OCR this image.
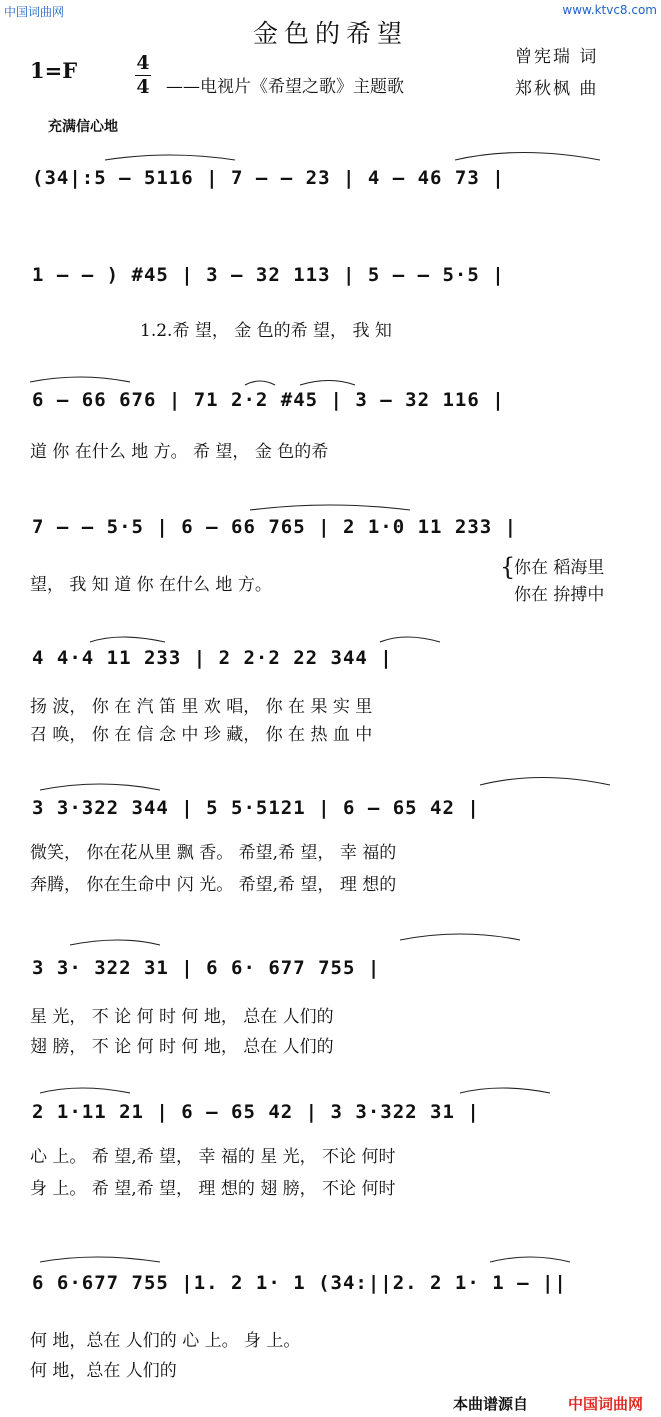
中国词曲网	www.ktvc8.com
金色的希望
1=F	4
4 ——电视片《希望之歌》主题歌
曾宪瑞 词
郑秋枫 曲
充满信心地
(34|:5 — 5116 | 7 — — 23 | 4 — 46 73 |
1 — — ) #45 | 3 — 32 113 | 5 — — 5·5 |
1.2.希 望， 金 色的希 望， 我 知
6 — 66 676 | 71 2·2 #45 | 3 — 32 116 |
道 你 在什么 地 方。 希 望， 金 色的希
7 — — 5·5 | 6 — 66 765 | 2 1·0 11 233 |
望， 我 知 道 你 在什么 地 方。
{
你在 稻海里
你在 拚搏中
4 4·4 11 233 | 2 2·2 22 344 |
扬 波， 你 在 汽 笛 里 欢 唱， 你 在 果 实 里
召 唤， 你 在 信 念 中 珍 藏， 你 在 热 血 中
3 3·322 344 | 5 5·5121 | 6 — 65 42 |
微笑， 你在花从里 飘 香。 希望,希 望， 幸 福的
奔腾， 你在生命中 闪 光。 希望,希 望， 理 想的
3 3· 322 31 | 6 6· 677 755 |
星 光， 不 论 何 时 何 地， 总在 人们的
翅 膀， 不 论 何 时 何 地， 总在 人们的
2 1·11 21 | 6 — 65 42 | 3 3·322 31 |
心 上。 希 望,希 望， 幸 福的 星 光， 不论 何时
身 上。 希 望,希 望， 理 想的 翅 膀， 不论 何时
6 6·677 755 |1. 2 1· 1 (34:||2. 2 1· 1 — ||
何 地，总在 人们的 心 上。 身 上。
何 地，总在 人们的
本曲谱源自	中国词曲网
